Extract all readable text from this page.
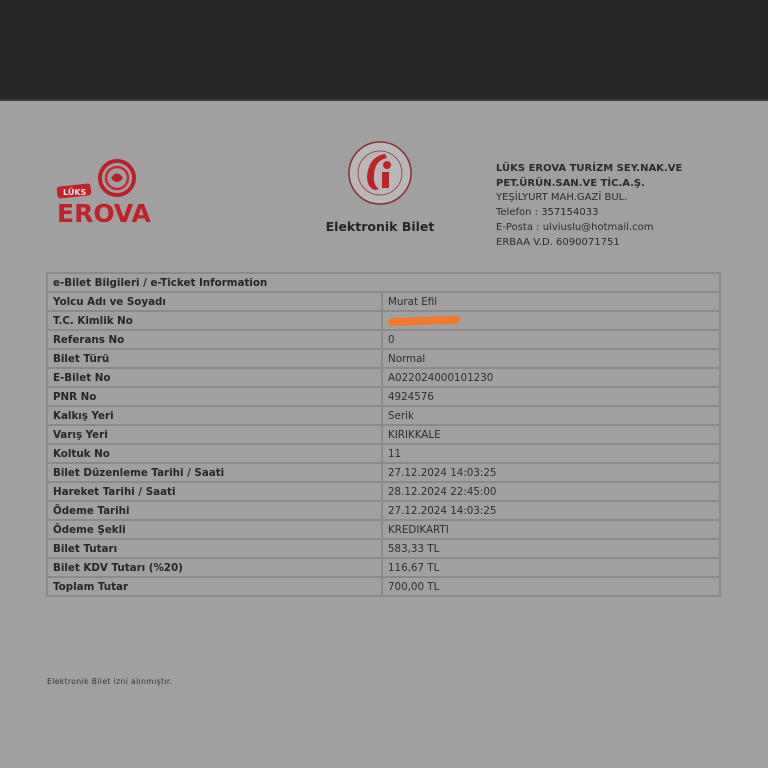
LÜKS
EROVA	Elektronik Bilet
LÜKS EROVA TURİZM SEY.NAK.VE
PET.ÜRÜN.SAN.VE TİC.A.Ş.
YEŞİLYURT MAH.GAZİ BUL.
Telefon : 357154033
E-Posta : ulviuslu@hotmail.com
ERBAA V.D. 6090071751
e-Bilet Bilgileri / e-Ticket Information	
Yolcu Adı ve Soyadı	Murat Efil
T.C. Kimlik No	
Referans No	0
Bilet Türü	Normal
E-Bilet No	A022024000101230
PNR No	4924576
Kalkış Yeri	Serik
Varış Yeri	KIRIKKALE
Koltuk No	11
Bilet Düzenleme Tarihi / Saati	27.12.2024 14:03:25
Hareket Tarihi / Saati	28.12.2024 22:45:00
Ödeme Tarihi	27.12.2024 14:03:25
Ödeme Şekli	KREDIKARTI
Bilet Tutarı	583,33 TL
Bilet KDV Tutarı (%20)	116,67 TL
Toplam Tutar	700,00 TL
Elektronik Bilet izni alınmıştır.
